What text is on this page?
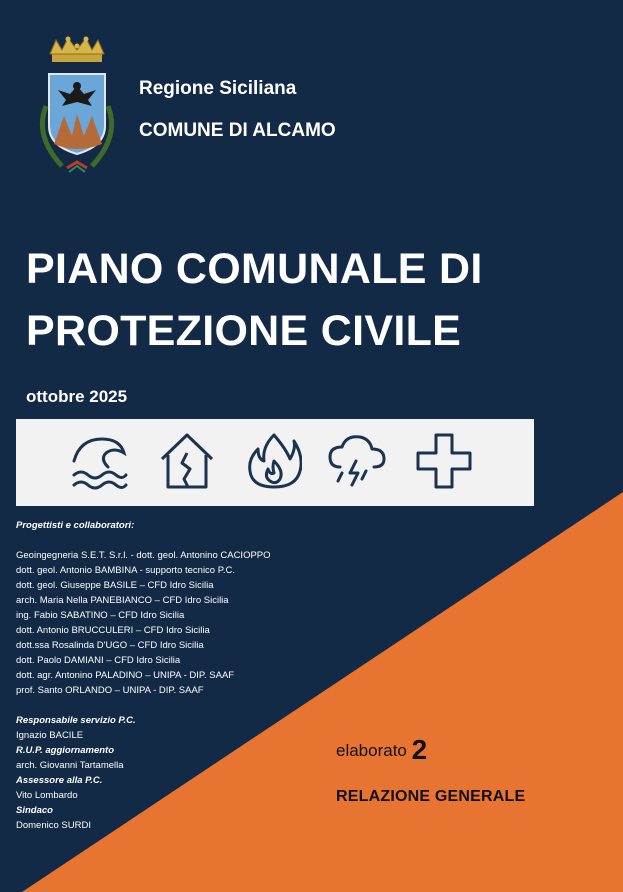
Regione Siciliana
COMUNE DI ALCAMO
PIANO COMUNALE DI
PROTEZIONE CIVILE
ottobre 2025
Progettisti e collaboratori:
Geoingegneria S.E.T. S.r.l. - dott. geol. Antonino CACIOPPO
dott. geol. Antonio BAMBINA - supporto tecnico P.C.
dott. geol. Giuseppe BASILE – CFD Idro Sicilia
arch. Maria Nella PANEBIANCO – CFD Idro Sicilia
ing. Fabio SABATINO – CFD Idro Sicilia
dott. Antonio BRUCCULERI – CFD Idro Sicilia
dott.ssa Rosalinda D'UGO – CFD Idro Sicilia
dott. Paolo DAMIANI – CFD Idro Sicilia
dott. agr. Antonino PALADINO – UNIPA - DIP. SAAF
prof. Santo ORLANDO – UNIPA - DIP. SAAF
Responsabile servizio P.C.
Ignazio BACILE
R.U.P. aggiornamento
arch. Giovanni Tartamella
Assessore alla P.C.
Vito Lombardo
Sindaco
Domenico SURDI
elaborato 2
RELAZIONE GENERALE
